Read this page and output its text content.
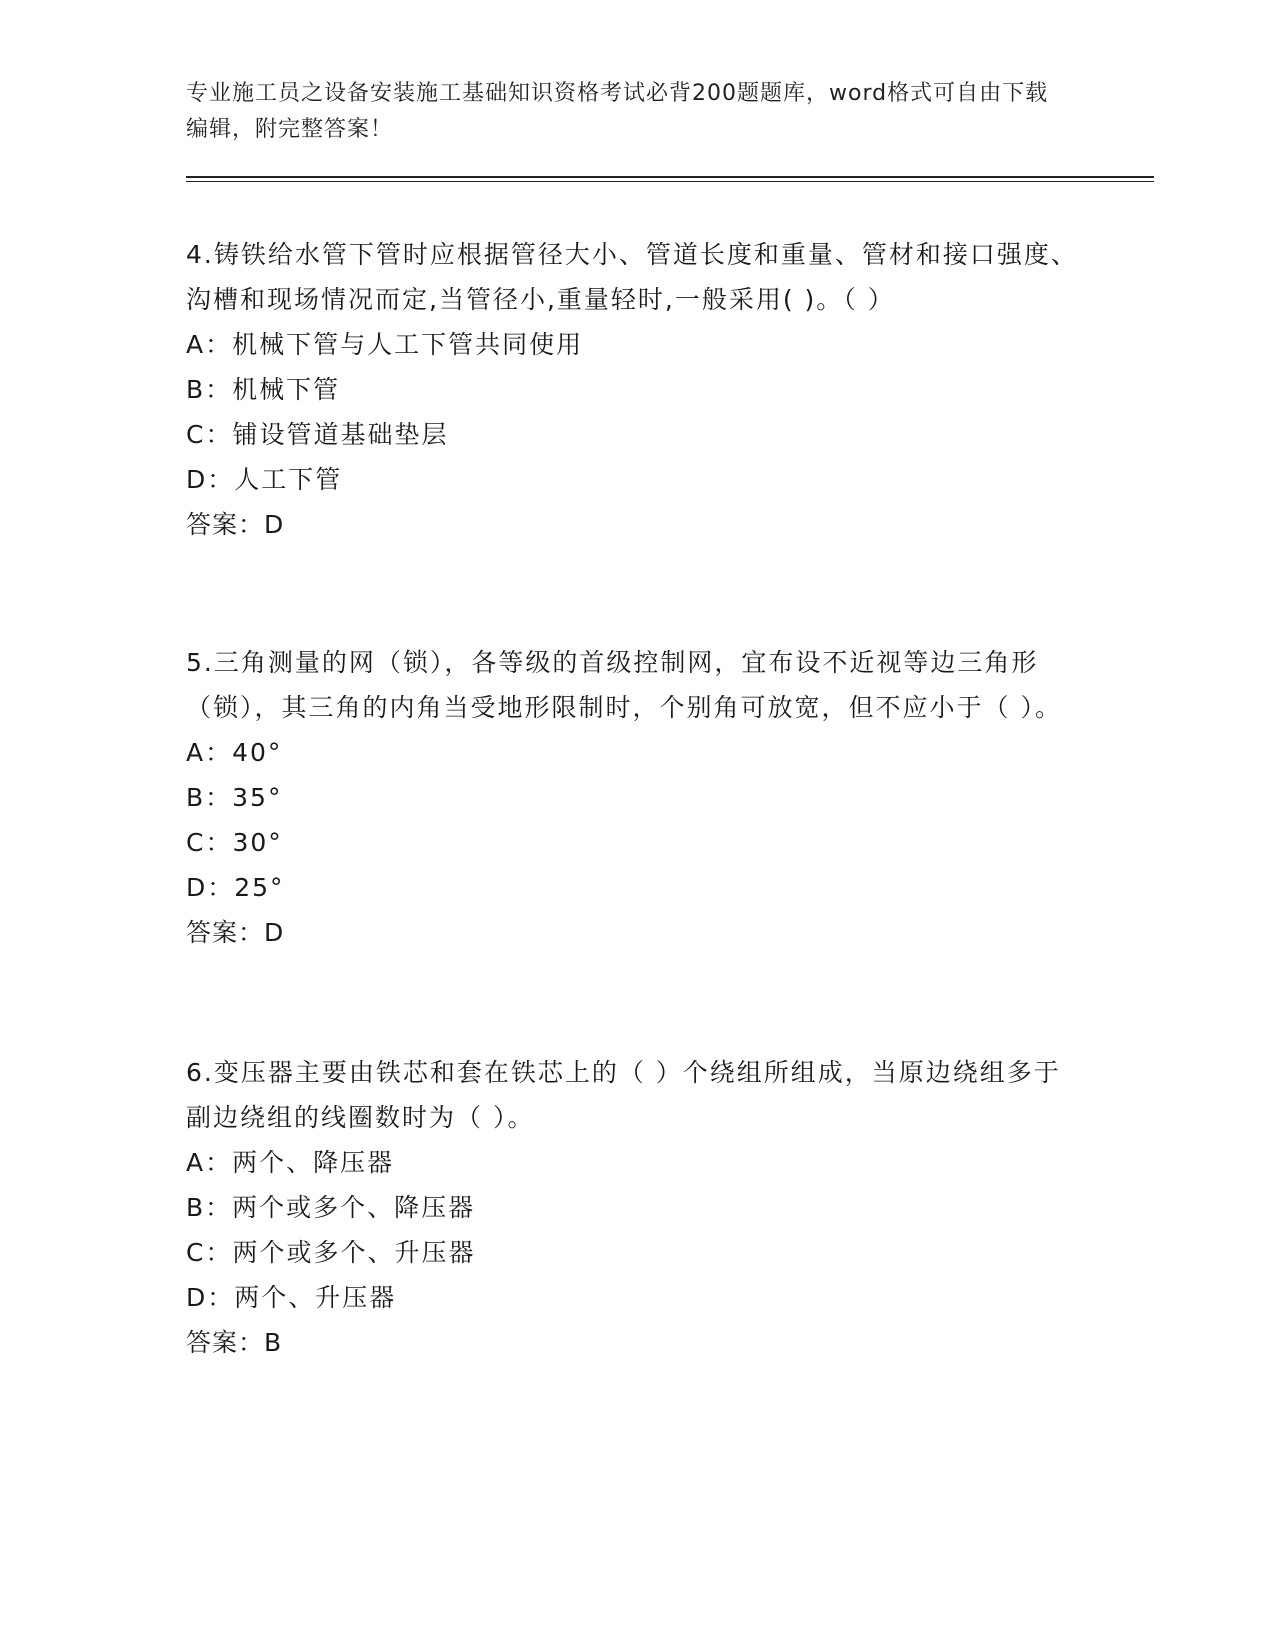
专业施工员之设备安装施工基础知识资格考试必背200题题库，word格式可自由下载编辑，附完整答案！

4.铸铁给水管下管时应根据管径大小、管道长度和重量、管材和接口强度、沟槽和现场情况而定,当管径小,重量轻时,一般采用( )。（ ）

A：机械下管与人工下管共同使用

B：机械下管

C：铺设管道基础垫层

D：人工下管

答案：D

5.三角测量的网（锁），各等级的首级控制网，宜布设不近视等边三角形（锁），其三角的内角当受地形限制时，个别角可放宽，但不应小于（ ）。

A：40°

B：35°

C：30°

D：25°

答案：D

6.变压器主要由铁芯和套在铁芯上的（ ）个绕组所组成，当原边绕组多于副边绕组的线圈数时为（ ）。

A：两个、降压器

B：两个或多个、降压器

C：两个或多个、升压器

D：两个、升压器

答案：B
